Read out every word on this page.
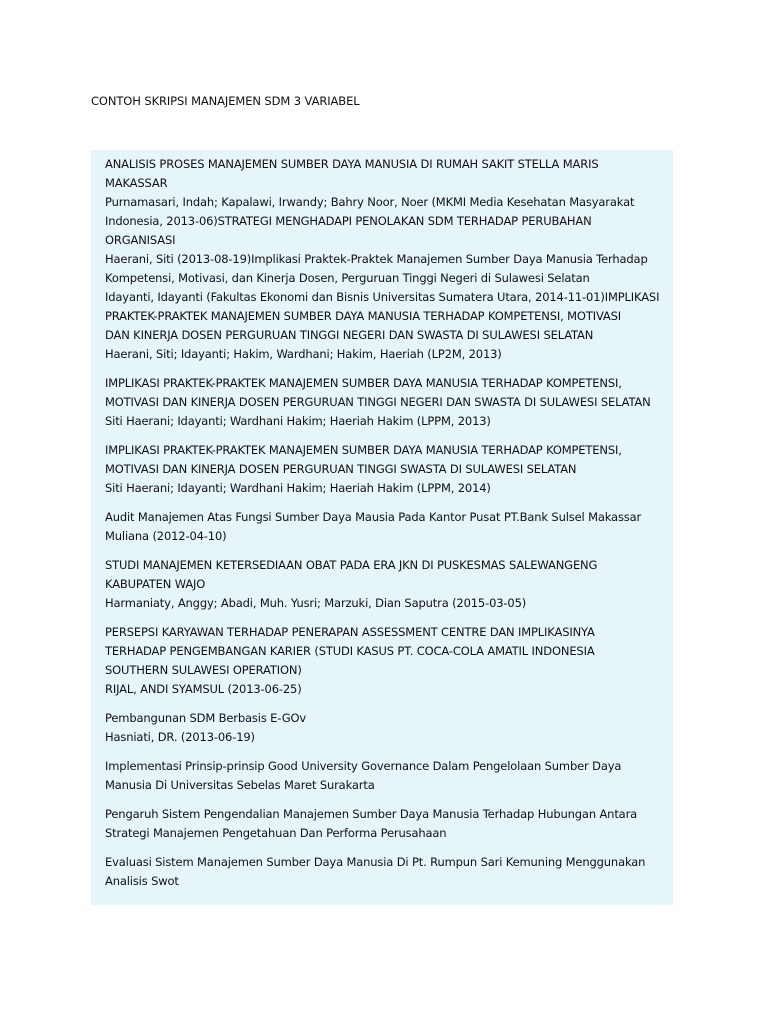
CONTOH SKRIPSI MANAJEMEN SDM 3 VARIABEL
ANALISIS PROSES MANAJEMEN SUMBER DAYA MANUSIA DI RUMAH SAKIT STELLA MARIS
MAKASSAR
Purnamasari, Indah; Kapalawi, Irwandy; Bahry Noor, Noer (MKMI Media Kesehatan Masyarakat
Indonesia, 2013-06)STRATEGI MENGHADAPI PENOLAKAN SDM TERHADAP PERUBAHAN
ORGANISASI
Haerani, Siti (2013-08-19)Implikasi Praktek-Praktek Manajemen Sumber Daya Manusia Terhadap
Kompetensi, Motivasi, dan Kinerja Dosen, Perguruan Tinggi Negeri di Sulawesi Selatan
Idayanti, Idayanti (Fakultas Ekonomi dan Bisnis Universitas Sumatera Utara, 2014-11-01)IMPLIKASI
PRAKTEK-PRAKTEK MANAJEMEN SUMBER DAYA MANUSIA TERHADAP KOMPETENSI, MOTIVASI
DAN KINERJA DOSEN PERGURUAN TINGGI NEGERI DAN SWASTA DI SULAWESI SELATAN
Haerani, Siti; Idayanti; Hakim, Wardhani; Hakim, Haeriah (LP2M, 2013)
IMPLIKASI PRAKTEK-PRAKTEK MANAJEMEN SUMBER DAYA MANUSIA TERHADAP KOMPETENSI,
MOTIVASI DAN KINERJA DOSEN PERGURUAN TINGGI NEGERI DAN SWASTA DI SULAWESI SELATAN
Siti Haerani; Idayanti; Wardhani Hakim; Haeriah Hakim (LPPM, 2013)
IMPLIKASI PRAKTEK-PRAKTEK MANAJEMEN SUMBER DAYA MANUSIA TERHADAP KOMPETENSI,
MOTIVASI DAN KINERJA DOSEN PERGURUAN TINGGI SWASTA DI SULAWESI SELATAN
Siti Haerani; Idayanti; Wardhani Hakim; Haeriah Hakim (LPPM, 2014)
Audit Manajemen Atas Fungsi Sumber Daya Mausia Pada Kantor Pusat PT.Bank Sulsel Makassar
Muliana (2012-04-10)
STUDI MANAJEMEN KETERSEDIAAN OBAT PADA ERA JKN DI PUSKESMAS SALEWANGENG
KABUPATEN WAJO
Harmaniaty, Anggy; Abadi, Muh. Yusri; Marzuki, Dian Saputra (2015-03-05)
PERSEPSI KARYAWAN TERHADAP PENERAPAN ASSESSMENT CENTRE DAN IMPLIKASINYA
TERHADAP PENGEMBANGAN KARIER (STUDI KASUS PT. COCA-COLA AMATIL INDONESIA
SOUTHERN SULAWESI OPERATION)
RIJAL, ANDI SYAMSUL (2013-06-25)
Pembangunan SDM Berbasis E-GOv
Hasniati, DR. (2013-06-19)
Implementasi Prinsip-prinsip Good University Governance Dalam Pengelolaan Sumber Daya
Manusia Di Universitas Sebelas Maret Surakarta
Pengaruh Sistem Pengendalian Manajemen Sumber Daya Manusia Terhadap Hubungan Antara
Strategi Manajemen Pengetahuan Dan Performa Perusahaan
Evaluasi Sistem Manajemen Sumber Daya Manusia Di Pt. Rumpun Sari Kemuning Menggunakan
Analisis Swot
